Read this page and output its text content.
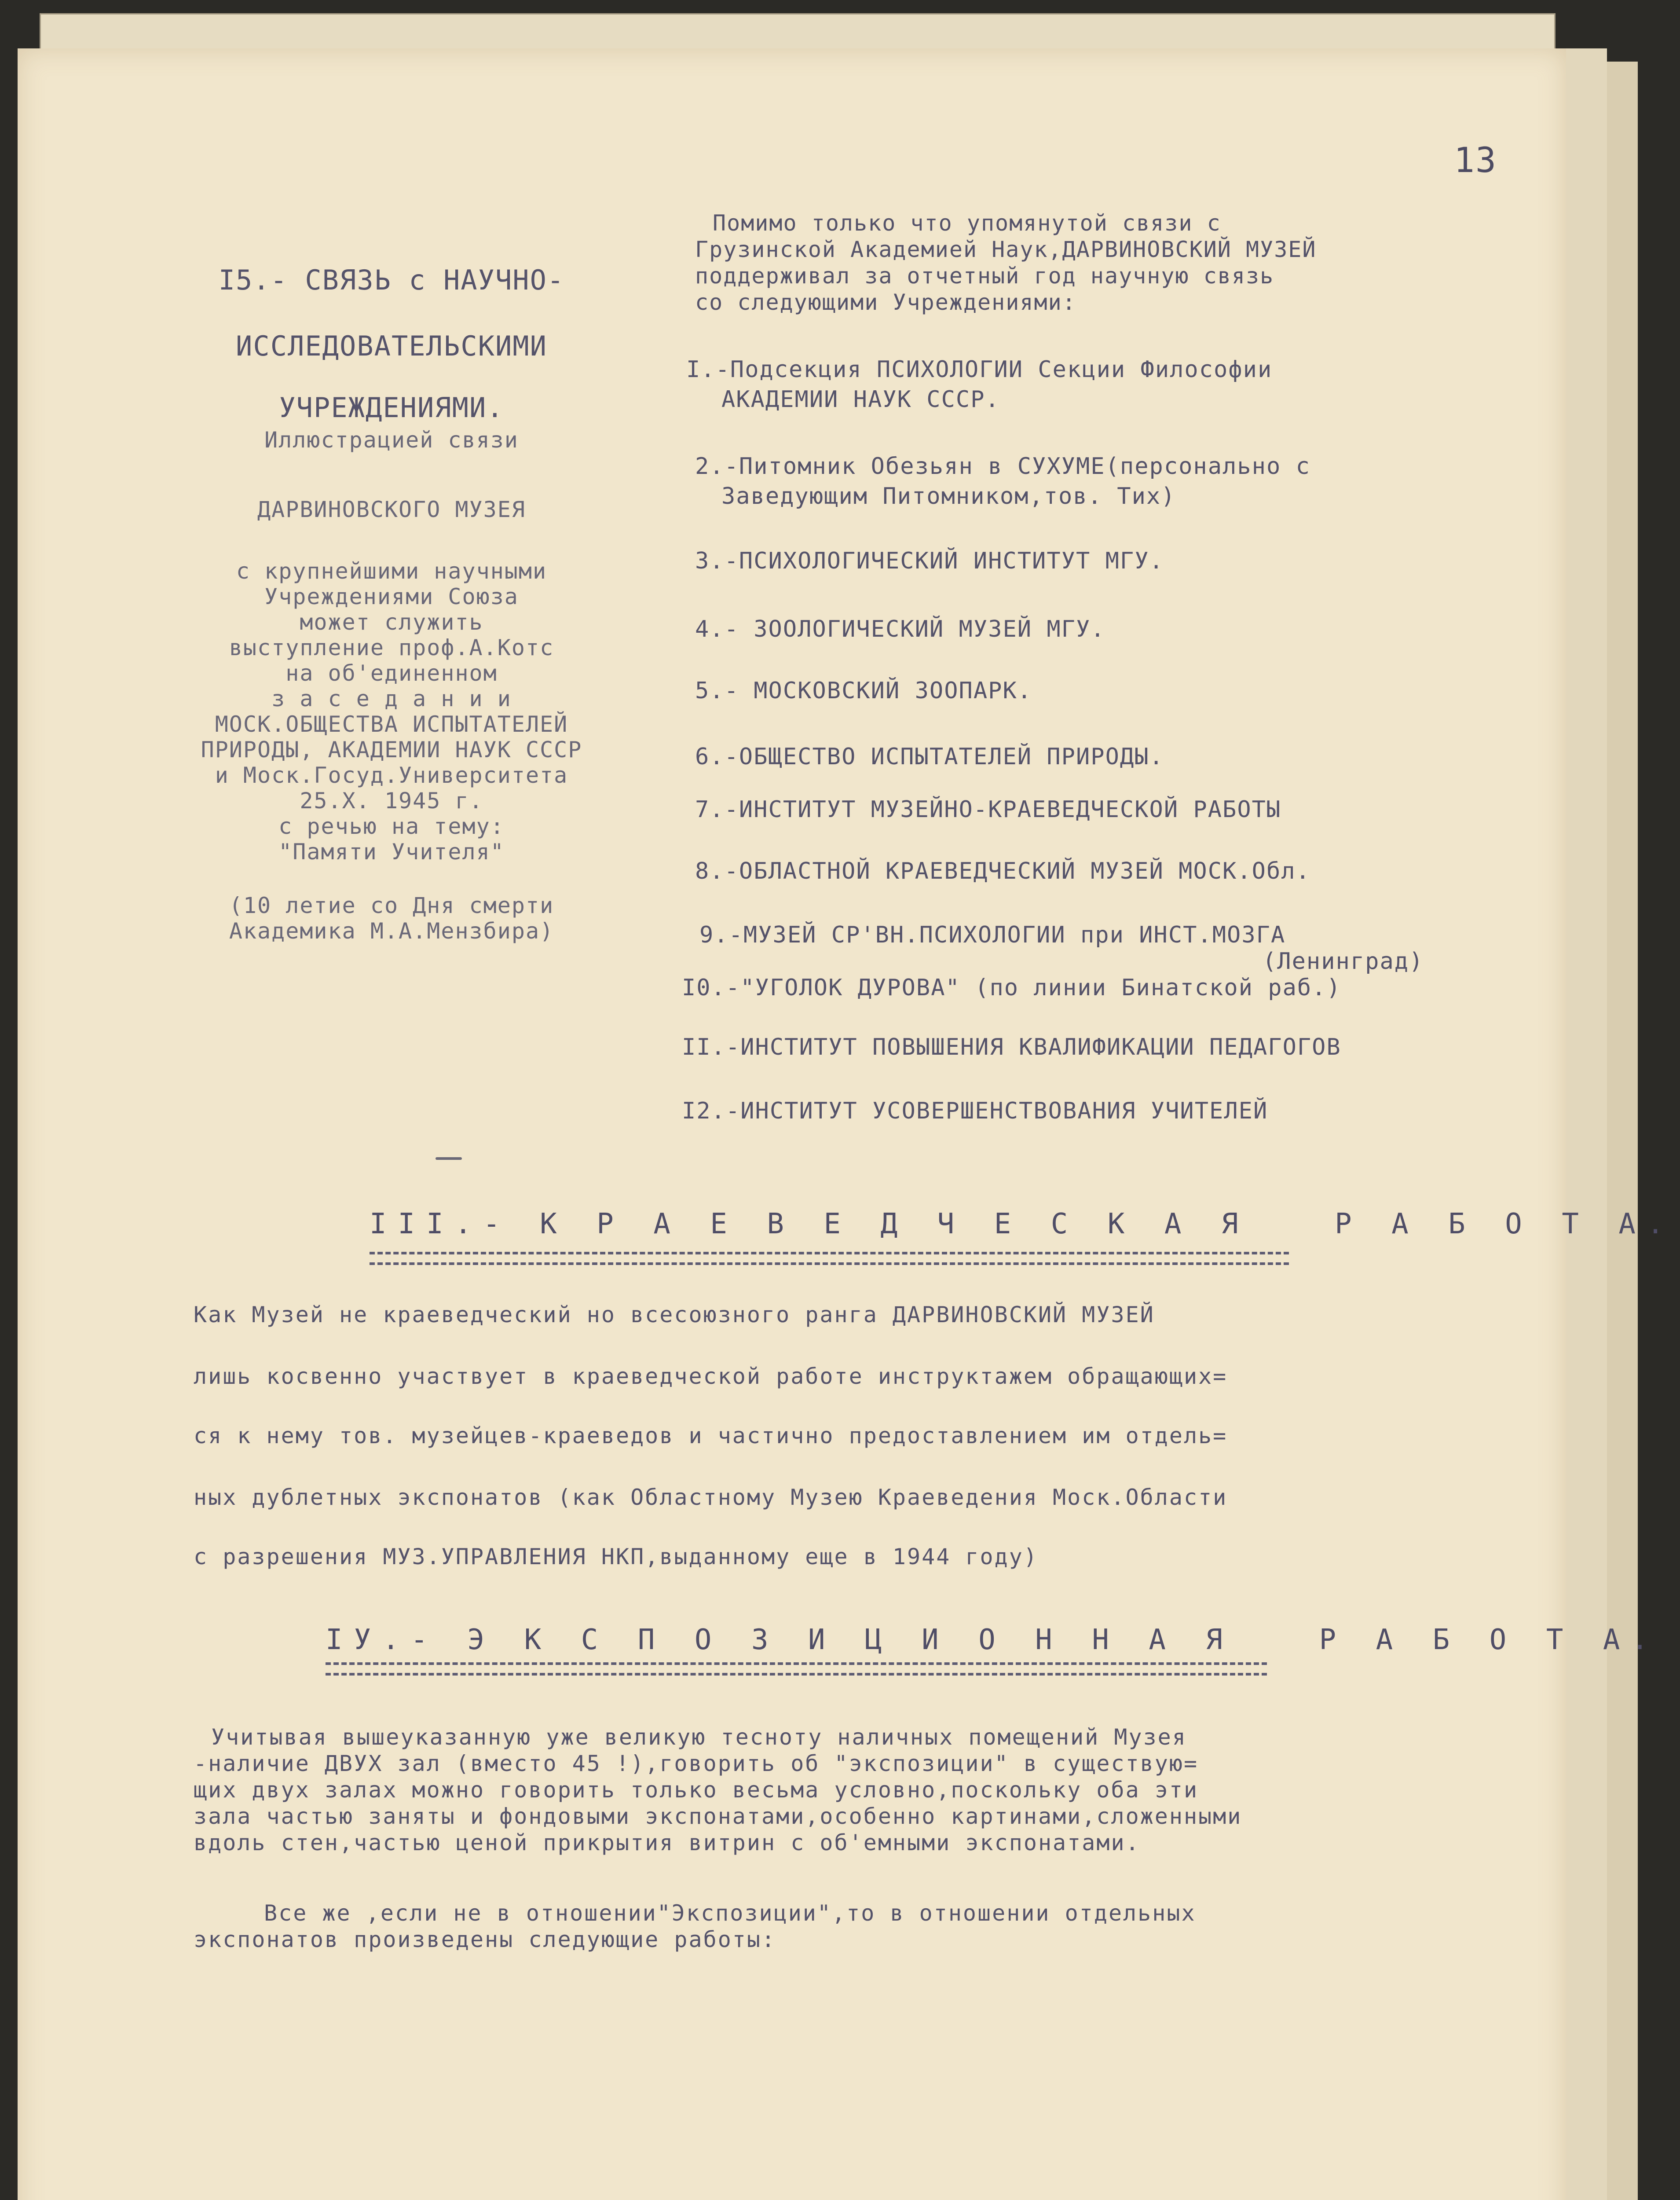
13
I5.- СВЯЗЬ с НАУЧНО-
ИССЛЕДОВАТЕЛЬСКИМИ
УЧРЕЖДЕНИЯМИ.
Иллюстрацией связи
ДАРВИНОВСКОГО МУЗЕЯ
с крупнейшими научными
Учреждениями Союза
может служить
выступление проф.А.Котс
на об'единенном
з а с е д а н и и
МОСК.ОБЩЕСТВА ИСПЫТАТЕЛЕЙ
ПРИРОДЫ, АКАДЕМИИ НАУК СССР
и Моск.Госуд.Университета
25.Х. 1945 г.
с речью на тему:
"Памяти Учителя"
(10 летие со Дня смерти
Академика М.А.Мензбира)
Помимо только что упомянутой связи с
Грузинской Академией Наук,ДАРВИНОВСКИЙ МУЗЕЙ
поддерживал за отчетный год научную связь
со следующими Учреждениями:
I.-Подсекция ПСИХОЛОГИИ Секции Философии
АКАДЕМИИ НАУК СССР.
2.-Питомник Обезьян в СУХУМЕ(персонально с
Заведующим Питомником,тов. Тих)
3.-ПСИХОЛОГИЧЕСКИЙ ИНСТИТУТ МГУ.
4.- ЗООЛОГИЧЕСКИЙ МУЗЕЙ МГУ.
5.- МОСКОВСКИЙ ЗООПАРК.
6.-ОБЩЕСТВО ИСПЫТАТЕЛЕЙ ПРИРОДЫ.
7.-ИНСТИТУТ МУЗЕЙНО-КРАЕВЕДЧЕСКОЙ РАБОТЫ
8.-ОБЛАСТНОЙ КРАЕВЕДЧЕСКИЙ МУЗЕЙ МОСК.Обл.
9.-МУЗЕЙ СР'ВН.ПСИХОЛОГИИ при ИНСТ.МОЗГА
(Ленинград)
I0.-"УГОЛОК ДУРОВА" (по линии Бинатской раб.)
II.-ИНСТИТУТ ПОВЫШЕНИЯ КВАЛИФИКАЦИИ ПЕДАГОГОВ
I2.-ИНСТИТУТ УСОВЕРШЕНСТВОВАНИЯ УЧИТЕЛЕЙ
III.- К Р А Е В Е Д Ч Е С К А Я   Р А Б О Т А.
Как Музей не краеведческий но всесоюзного ранга ДАРВИНОВСКИЙ МУЗЕЙ
лишь косвенно участвует в краеведческой работе инструктажем обращающих=
ся к нему тов. музейцев-краеведов и частично предоставлением им отдель=
ных дублетных экспонатов (как Областному Музею Краеведения Моск.Области
с разрешения МУЗ.УПРАВЛЕНИЯ НКП,выданному еще в 1944 году)
IУ.- Э К С П О З И Ц И О Н Н А Я   Р А Б О Т А.
Учитывая вышеуказанную уже великую тесноту наличных помещений Музея
-наличие ДВУХ зал (вместо 45 !),говорить об "экспозиции" в существую=
щих двух залах можно говорить только весьма условно,поскольку оба эти
зала частью заняты и фондовыми экспонатами,особенно картинами,сложенными
вдоль стен,частью ценой прикрытия витрин с об'емными экспонатами.
Все же ,если не в отношении"Экспозиции",то в отношении отдельных
экспонатов произведены следующие работы:
